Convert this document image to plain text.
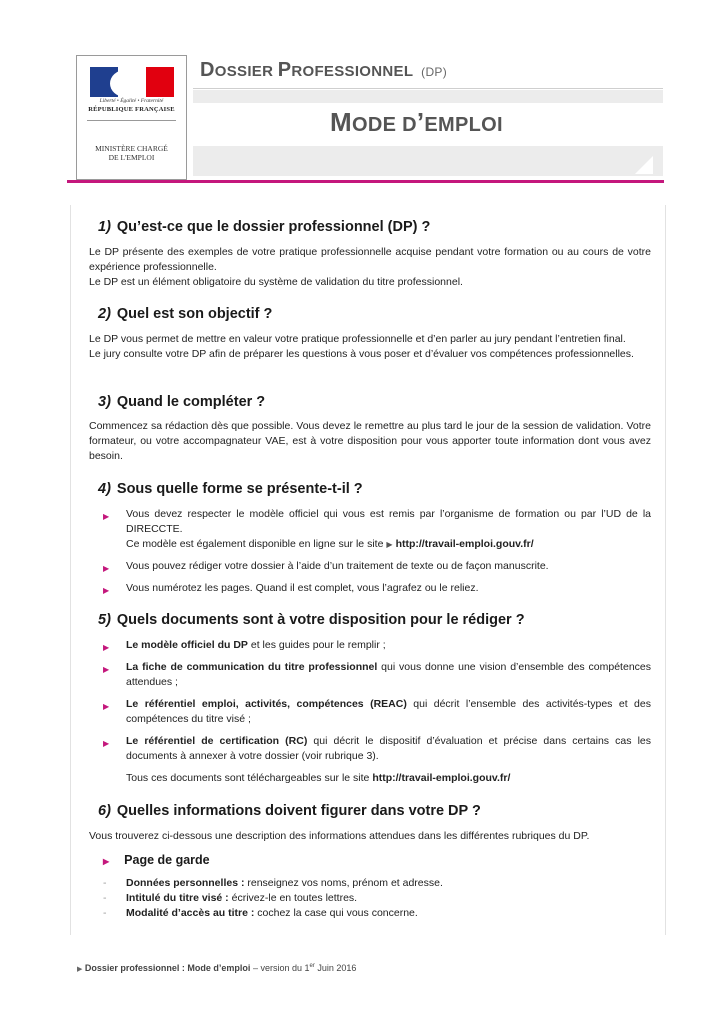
Liberté • Égalité • Fraternité
RÉPUBLIQUE FRANÇAISE
MINISTÈRE CHARGÉ
DE L'EMPLOI
DOSSIER PROFESSIONNEL (DP)
MODE D’EMPLOI
1) Qu’est-ce que le dossier professionnel (DP) ?
Le DP présente des exemples de votre pratique professionnelle acquise pendant votre formation ou au cours de votre expérience professionnelle.
Le DP est un élément obligatoire du système de validation du titre professionnel.
2) Quel est son objectif ?
Le DP vous permet de mettre en valeur votre pratique professionnelle et d’en parler au jury pendant l’entretien final.
Le jury consulte votre DP afin de préparer les questions à vous poser et d’évaluer vos compétences professionnelles.
3) Quand le compléter ?
Commencez sa rédaction dès que possible. Vous devez le remettre au plus tard le jour de la session de validation. Votre formateur, ou votre accompagnateur VAE, est à votre disposition pour vous apporter toute information dont vous avez besoin.
4) Sous quelle forme se présente-t-il ?
▶ Vous devez respecter le modèle officiel qui vous est remis par l’organisme de formation ou par l’UD de la DIRECCTE.
Ce modèle est également disponible en ligne sur le site ▶ http://travail-emploi.gouv.fr/
▶ Vous pouvez rédiger votre dossier à l’aide d’un traitement de texte ou de façon manuscrite.
▶ Vous numérotez les pages. Quand il est complet, vous l’agrafez ou le reliez.
5) Quels documents sont à votre disposition pour le rédiger ?
▶ Le modèle officiel du DP et les guides pour le remplir ;
▶ La fiche de communication du titre professionnel qui vous donne une vision d’ensemble des compétences attendues ;
▶ Le référentiel emploi, activités, compétences (REAC) qui décrit l’ensemble des activités-types et des compétences du titre visé ;
▶ Le référentiel de certification (RC) qui décrit le dispositif d’évaluation et précise dans certains cas les documents à annexer à votre dossier (voir rubrique 3).
Tous ces documents sont téléchargeables sur le site http://travail-emploi.gouv.fr/
6) Quelles informations doivent figurer dans votre DP ?
Vous trouverez ci-dessous une description des informations attendues dans les différentes rubriques du DP.
▶ Page de garde
- Données personnelles : renseignez vos noms, prénom et adresse.
- Intitulé du titre visé : écrivez-le en toutes lettres.
- Modalité d’accès au titre : cochez la case qui vous concerne.
▶ Dossier professionnel : Mode d’emploi – version du 1er Juin 2016
